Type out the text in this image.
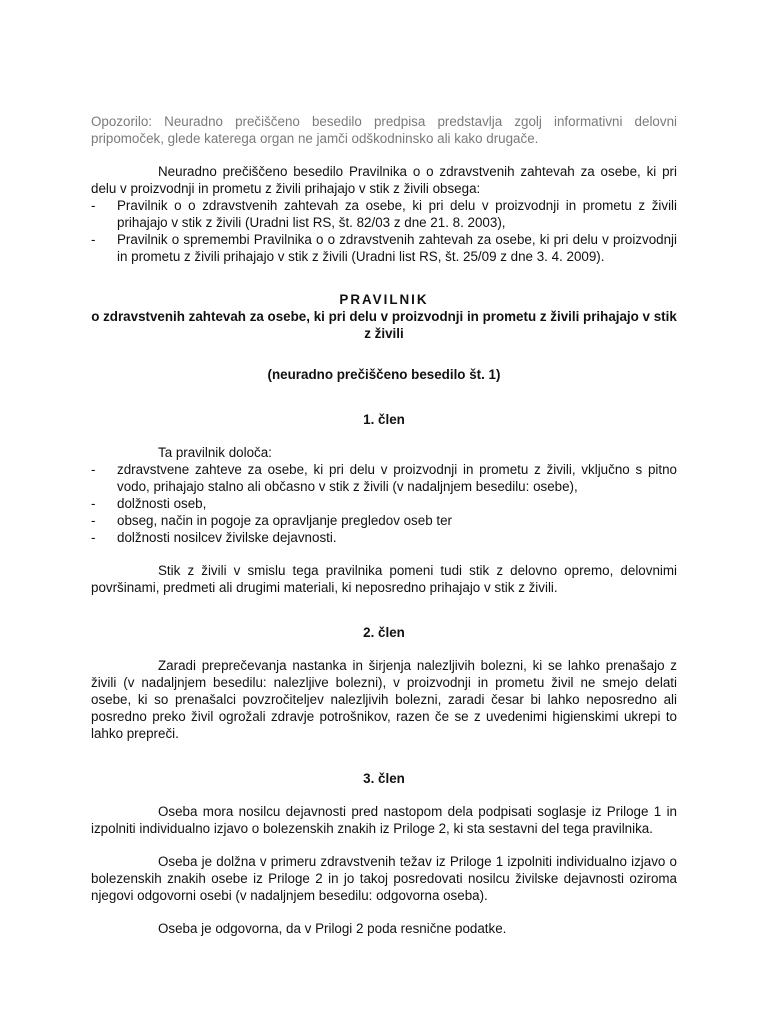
Opozorilo: Neuradno prečiščeno besedilo predpisa predstavlja zgolj informativni delovni pripomoček, glede katerega organ ne jamči odškodninsko ali kako drugače.

Neuradno prečiščeno besedilo Pravilnika o o zdravstvenih zahtevah za osebe, ki pri delu v proizvodnji in prometu z živili prihajajo v stik z živili obsega:

- Pravilnik o o zdravstvenih zahtevah za osebe, ki pri delu v proizvodnji in prometu z živili prihajajo v stik z živili (Uradni list RS, št. 82/03 z dne 21. 8. 2003),
- Pravilnik o spremembi Pravilnika o o zdravstvenih zahtevah za osebe, ki pri delu v proizvodnji in prometu z živili prihajajo v stik z živili (Uradni list RS, št. 25/09 z dne 3. 4. 2009).

PRAVILNIK

o zdravstvenih zahtevah za osebe, ki pri delu v proizvodnji in prometu z živili prihajajo v stik z živili

(neuradno prečiščeno besedilo št. 1)

1. člen

Ta pravilnik določa:

- zdravstvene zahteve za osebe, ki pri delu v proizvodnji in prometu z živili, vključno s pitno vodo, prihajajo stalno ali občasno v stik z živili (v nadaljnjem besedilu: osebe),
- dolžnosti oseb,
- obseg, način in pogoje za opravljanje pregledov oseb ter
- dolžnosti nosilcev živilske dejavnosti.

Stik z živili v smislu tega pravilnika pomeni tudi stik z delovno opremo, delovnimi površinami, predmeti ali drugimi materiali, ki neposredno prihajajo v stik z živili.

2. člen

Zaradi preprečevanja nastanka in širjenja nalezljivih bolezni, ki se lahko prenašajo z živili (v nadaljnjem besedilu: nalezljive bolezni), v proizvodnji in prometu živil ne smejo delati osebe, ki so prenašalci povzročiteljev nalezljivih bolezni, zaradi česar bi lahko neposredno ali posredno preko živil ogrožali zdravje potrošnikov, razen če se z uvedenimi higienskimi ukrepi to lahko prepreči.

3. člen

Oseba mora nosilcu dejavnosti pred nastopom dela podpisati soglasje iz Priloge 1 in izpolniti individualno izjavo o bolezenskih znakih iz Priloge 2, ki sta sestavni del tega pravilnika.

Oseba je dolžna v primeru zdravstvenih težav iz Priloge 1 izpolniti individualno izjavo o bolezenskih znakih osebe iz Priloge 2 in jo takoj posredovati nosilcu živilske dejavnosti oziroma njegovi odgovorni osebi (v nadaljnjem besedilu: odgovorna oseba).

Oseba je odgovorna, da v Prilogi 2 poda resnične podatke.
